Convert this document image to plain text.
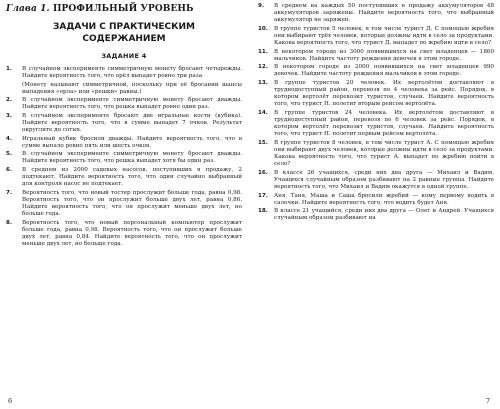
Глава 1. ПРОФИЛЬНЫЙ УРОВЕНЬ
ЗАДАЧИ С ПРАКТИЧЕСКИМ
СОДЕРЖАНИЕМ
ЗАДАНИЕ 4
1.	В случайном эксперименте симметричную монету бросают четырежды. Найдите вероятность того, что орёл выпадет ровно три раза.
(Монету называют симметричной, поскольку при её бросании шансы выпадения «орла» или «решки» равны.)
2.	В случайном эксперименте симметричную монету бросают дважды. Найдите вероятность того, что решка выпадет ровно один раз.
3.	В случайном эксперименте бросают две игральные кости (кубика). Найдите вероятность того, что в сумме выпадет 7 очков. Результат округлите до сотых.
4.	Игральный кубик бросили дважды. Найдите вероятность того, что в сумме выпало ровно пять или шесть очков.
5.	В случайном эксперименте симметричную монету бросают дважды. Найдите вероятность того, что решка выпадет хотя бы один раз.
6.	В среднем из 2000 садовых насосов, поступивших в продажу, 2 подтекают. Найдите вероятность того, что один случайно выбранный для контроля насос не подтекает.
7.	Вероятность того, что новый тостер прослужит больше года, равна 0,98. Вероятность того, что он прослужит больше двух лет, равна 0,86. Найдите вероятность того, что он прослужит меньше двух лет, но больше года.
8.	Вероятность того, что новый персональный компьютер прослужит больше года, равна 0,98. Вероятность того, что он прослужит больше двух лет, равна 0,84. Найдите вероятность того, что он прослужит меньше двух лет, но больше года.
6
9.	В среднем на каждых 50 поступивших в продажу аккумуляторов 48 аккумуляторов заряжены. Найдите вероятность того, что выбранный аккумулятор не заряжен.
10.	В группе туристов 5 человек, в том числе турист Д. С помощью жребия они выбирают трёх человек, которые должны идти в село за продуктами. Какова вероятность того, что турист Д. выпадет по жребию идти в село?
11.	В некотором городе из 3000 появившихся на свет младенцев — 1860 мальчиков. Найдите частоту рождения девочек в этом городе.
12.	В некотором городе из 2000 появившихся на свет младенцев 990 девочек. Найдите частоту рождения мальчиков в этом городе.
13.	В группе туристов 20 человек. Их вертолётом доставляют в труднодоступный район, перевозя по 4 человека за рейс. Порядок, в котором вертолёт перевозит туристов, случаен. Найдите вероятность того, что турист Н. полетит вторым рейсом вертолёта.
14.	В группе туристов 24 человека. Их вертолётом доставляют в труднодоступный район, перевозя по 6 человек за рейс. Порядок, в котором вертолёт перевозит туристов, случаен. Найдите вероятность того, что турист Н. полетит первым рейсом вертолёта.
15.	В группе туристов 8 человек, в том числе турист А. С помощью жребия они выбирают двух человек, которые должны идти в село за продуктами. Какова вероятность того, что турист А. выпадет по жребию пойти в село?
16.	В классе 26 учащихся, среди них два друга — Михаил и Вадим. Учащихся случайным образом разбивают на 2 равные группы. Найдите вероятность того, что Михаил и Вадим окажутся в одной группе.
17.	Аня, Таня, Маша и Саша бросили жребий — кому первому водить в салочки. Найдите вероятность того, что водить будет Аня.
18.	В классе 21 учащийся, среди них два друга — Олег и Андрей. Учащихся случайным образом разбивают на
7
